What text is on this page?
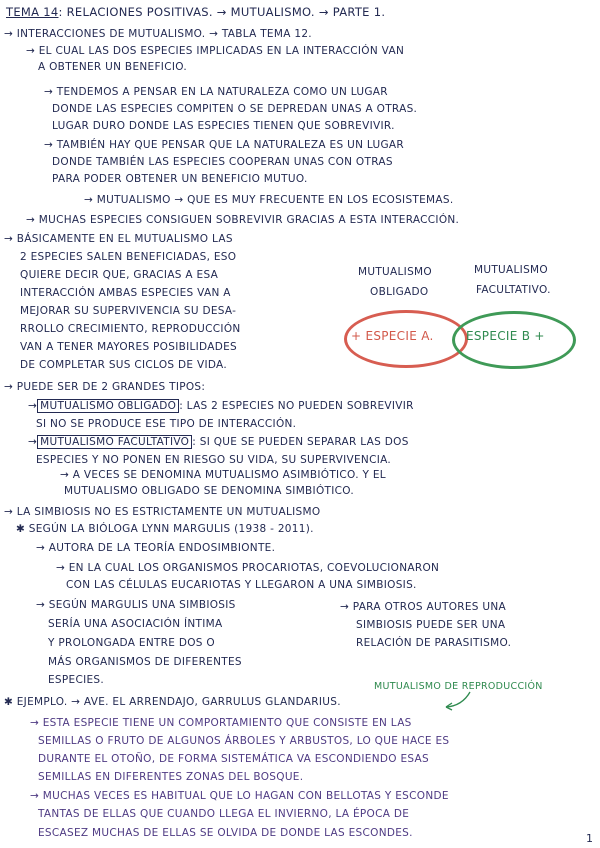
TEMA 14: RELACIONES POSITIVAS. → MUTUALISMO. → PARTE 1.
→ INTERACCIONES DE MUTUALISMO. → TABLA TEMA 12.
→ EL CUAL LAS DOS ESPECIES IMPLICADAS EN LA INTERACCIÓN VAN
A OBTENER UN BENEFICIO.
→ TENDEMOS A PENSAR EN LA NATURALEZA COMO UN LUGAR
DONDE LAS ESPECIES COMPITEN O SE DEPREDAN UNAS A OTRAS.
LUGAR DURO DONDE LAS ESPECIES TIENEN QUE SOBREVIVIR.
→ TAMBIÉN HAY QUE PENSAR QUE LA NATURALEZA ES UN LUGAR
DONDE TAMBIÉN LAS ESPECIES COOPERAN UNAS CON OTRAS
PARA PODER OBTENER UN BENEFICIO MUTUO.
→ MUTUALISMO → QUE ES MUY FRECUENTE EN LOS ECOSISTEMAS.
→ MUCHAS ESPECIES CONSIGUEN SOBREVIVIR GRACIAS A ESTA INTERACCIÓN.
→ BÁSICAMENTE EN EL MUTUALISMO LAS
2 ESPECIES SALEN BENEFICIADAS, ESO
QUIERE DECIR QUE, GRACIAS A ESA
INTERACCIÓN AMBAS ESPECIES VAN A
MEJORAR SU SUPERVIVENCIA SU DESA-
RROLLO CRECIMIENTO, REPRODUCCIÓN
VAN A TENER MAYORES POSIBILIDADES
DE COMPLETAR SUS CICLOS DE VIDA.
MUTUALISMO
OBLIGADO
MUTUALISMO
FACULTATIVO.
+ ESPECIE A.	ESPECIE B +
→ PUEDE SER DE 2 GRANDES TIPOS:
→ MUTUALISMO OBLIGADO : LAS 2 ESPECIES NO PUEDEN SOBREVIVIR
SI NO SE PRODUCE ESE TIPO DE INTERACCIÓN.
→ MUTUALISMO FACULTATIVO : SI QUE SE PUEDEN SEPARAR LAS DOS
ESPECIES Y NO PONEN EN RIESGO SU VIDA, SU SUPERVIVENCIA.
→ A VECES SE DENOMINA MUTUALISMO ASIMBIÓTICO. Y EL
MUTUALISMO OBLIGADO SE DENOMINA SIMBIÓTICO.
→ LA SIMBIOSIS NO ES ESTRICTAMENTE UN MUTUALISMO
✱ SEGÚN LA BIÓLOGA LYNN MARGULIS (1938 - 2011).
→ AUTORA DE LA TEORÍA ENDOSIMBIONTE.
→ EN LA CUAL LOS ORGANISMOS PROCARIOTAS, COEVOLUCIONARON
CON LAS CÉLULAS EUCARIOTAS Y LLEGARON A UNA SIMBIOSIS.
→ SEGÚN MARGULIS UNA SIMBIOSIS
SERÍA UNA ASOCIACIÓN ÍNTIMA
Y PROLONGADA ENTRE DOS O
MÁS ORGANISMOS DE DIFERENTES
ESPECIES.
→ PARA OTROS AUTORES UNA
SIMBIOSIS PUEDE SER UNA
RELACIÓN DE PARASITISMO.
MUTUALISMO DE REPRODUCCIÓN
✱ EJEMPLO. → AVE. EL ARRENDAJO, GARRULUS GLANDARIUS.
→ ESTA ESPECIE TIENE UN COMPORTAMIENTO QUE CONSISTE EN LAS
SEMILLAS O FRUTO DE ALGUNOS ÁRBOLES Y ARBUSTOS, LO QUE HACE ES
DURANTE EL OTOÑO, DE FORMA SISTEMÁTICA VA ESCONDIENDO ESAS
SEMILLAS EN DIFERENTES ZONAS DEL BOSQUE.
→ MUCHAS VECES ES HABITUAL QUE LO HAGAN CON BELLOTAS Y ESCONDE
TANTAS DE ELLAS QUE CUANDO LLEGA EL INVIERNO, LA ÉPOCA DE
ESCASEZ MUCHAS DE ELLAS SE OLVIDA DE DONDE LAS ESCONDES.	1
